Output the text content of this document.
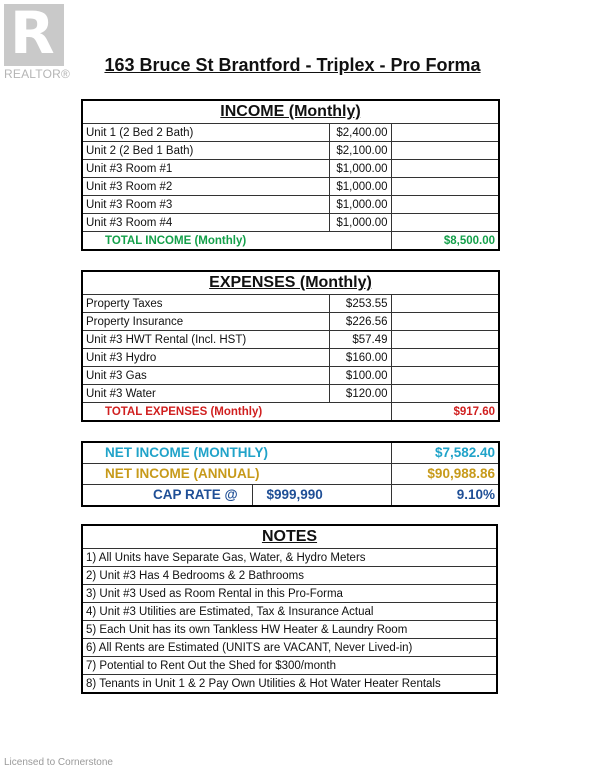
R
REALTOR®	163 Bruce St Brantford - Triplex - Pro Forma
INCOME (Monthly)		
Unit 1 (2 Bed 2 Bath)	$2,400.00	
Unit 2 (2 Bed 1 Bath)	$2,100.00	
Unit #3 Room #1	$1,000.00	
Unit #3 Room #2	$1,000.00	
Unit #3 Room #3	$1,000.00	
Unit #3 Room #4	$1,000.00	
TOTAL INCOME (Monthly)		$8,500.00
EXPENSES (Monthly)		
Property Taxes	$253.55	
Property Insurance	$226.56	
Unit #3 HWT Rental (Incl. HST)	$57.49	
Unit #3 Hydro	$160.00	
Unit #3 Gas	$100.00	
Unit #3 Water	$120.00	
TOTAL EXPENSES (Monthly)		$917.60
NET INCOME (MONTHLY)		$7,582.40
NET INCOME (ANNUAL)		$90,988.86
CAP RATE @	$999,990	9.10%
NOTES
1) All Units have Separate Gas, Water, & Hydro Meters
2) Unit #3 Has 4 Bedrooms & 2 Bathrooms
3) Unit #3 Used as Room Rental in this Pro-Forma
4) Unit #3 Utilities are Estimated, Tax & Insurance Actual
5) Each Unit has its own Tankless HW Heater & Laundry Room
6) All Rents are Estimated (UNITS are VACANT, Never Lived-in)
7) Potential to Rent Out the Shed for $300/month
8) Tenants in Unit 1 & 2 Pay Own Utilities & Hot Water Heater Rentals
Licensed to Cornerstone
